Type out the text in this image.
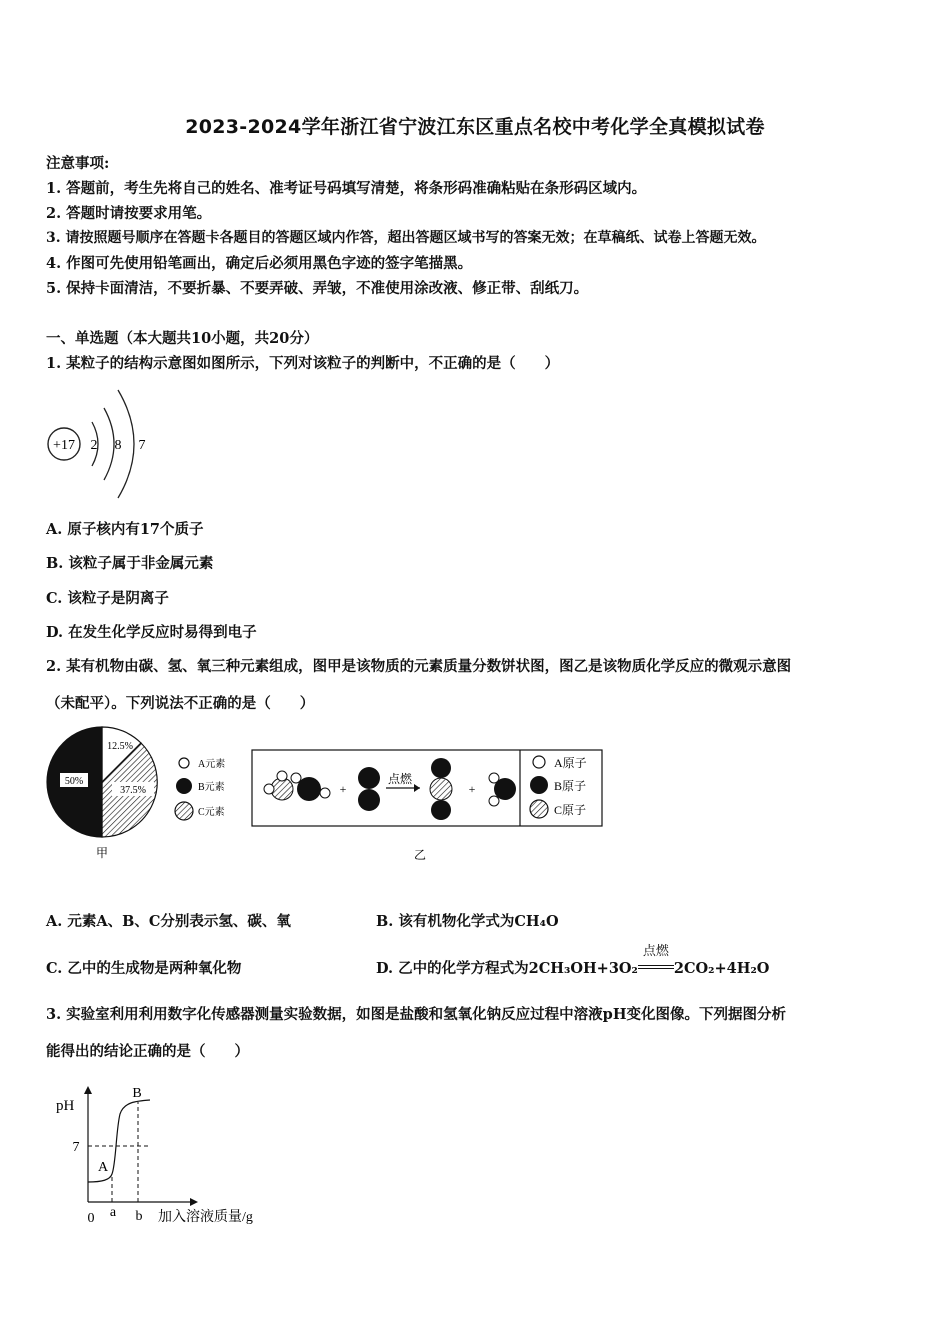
2023-2024学年浙江省宁波江东区重点名校中考化学全真模拟试卷
注意事项:
1. 答题前，考生先将自己的姓名、准考证号码填写清楚，将条形码准确粘贴在条形码区域内。
2. 答题时请按要求用笔。
3. 请按照题号顺序在答题卡各题目的答题区域内作答，超出答题区域书写的答案无效；在草稿纸、试卷上答题无效。
4. 作图可先使用铅笔画出，确定后必须用黑色字迹的签字笔描黑。
5. 保持卡面清洁，不要折暴、不要弄破、弄皱，不准使用涂改液、修正带、刮纸刀。
一、单选题（本大题共10小题，共20分）
1. 某粒子的结构示意图如图所示，下列对该粒子的判断中，不正确的是（　　）
+17 2 8 7
A. 原子核内有17个质子
B. 该粒子属于非金属元素
C. 该粒子是阴离子
D. 在发生化学反应时易得到电子
2. 某有机物由碳、氢、氧三种元素组成，图甲是该物质的元素质量分数饼状图，图乙是该物质化学反应的微观示意图
（未配平）。下列说法不正确的是（　　）
12.5%
37.5%
50%
A元素
B元素
C元素
甲
+
点燃
+
A原子
B原子
C原子
乙
A. 元素A、B、C分别表示氢、碳、氧	B. 该有机物化学式为CH₄O
C. 乙中的生成物是两种氧化物	D. 乙中的化学方程式为2CH₃OH+3O₂
点燃
2CO₂+4H₂O
3. 实验室利用利用数字化传感器测量实验数据，如图是盐酸和氢氧化钠反应过程中溶液pH变化图像。下列据图分析
能得出的结论正确的是（　　）
pH
7
A
B
0 a b 加入溶液质量/g
